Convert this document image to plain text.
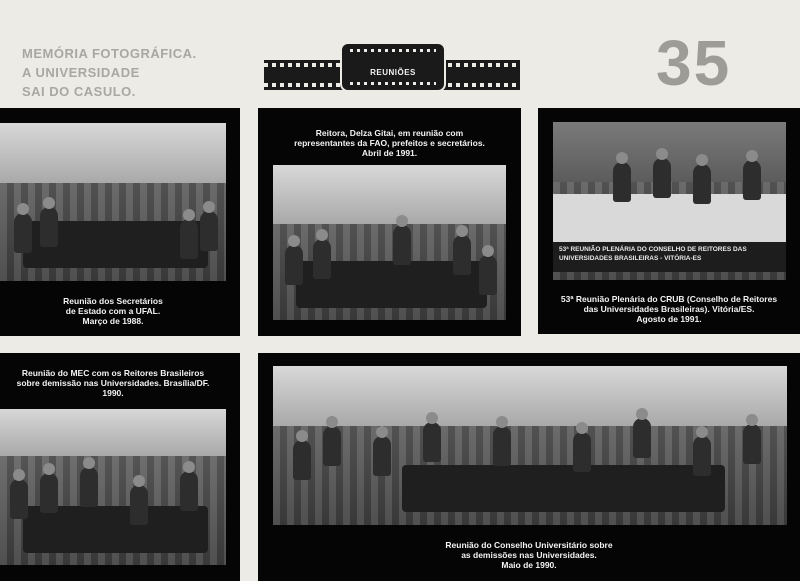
MEMÓRIA FOTOGRÁFICA.
A UNIVERSIDADE
SAI DO CASULO.	35
REUNIÕES
Reunião dos Secretários
de Estado com a UFAL.
Março de 1988.
Reitora, Delza Gitai, em reunião com
representantes da FAO, prefeitos e secretários.
Abril de 1991.
53ª REUNIÃO PLENÁRIA DO CONSELHO DE REITORES DAS UNIVERSIDADES BRASILEIRAS - VITÓRIA-ES
53ª Reunião Plenária do CRUB (Conselho de Reitores
das Universidades Brasileiras). Vitória/ES.
Agosto de 1991.
Reunião do MEC com os Reitores Brasileiros
sobre demissão nas Universidades. Brasília/DF.
1990.
Reunião do Conselho Universitário sobre
as demissões nas Universidades.
Maio de 1990.
